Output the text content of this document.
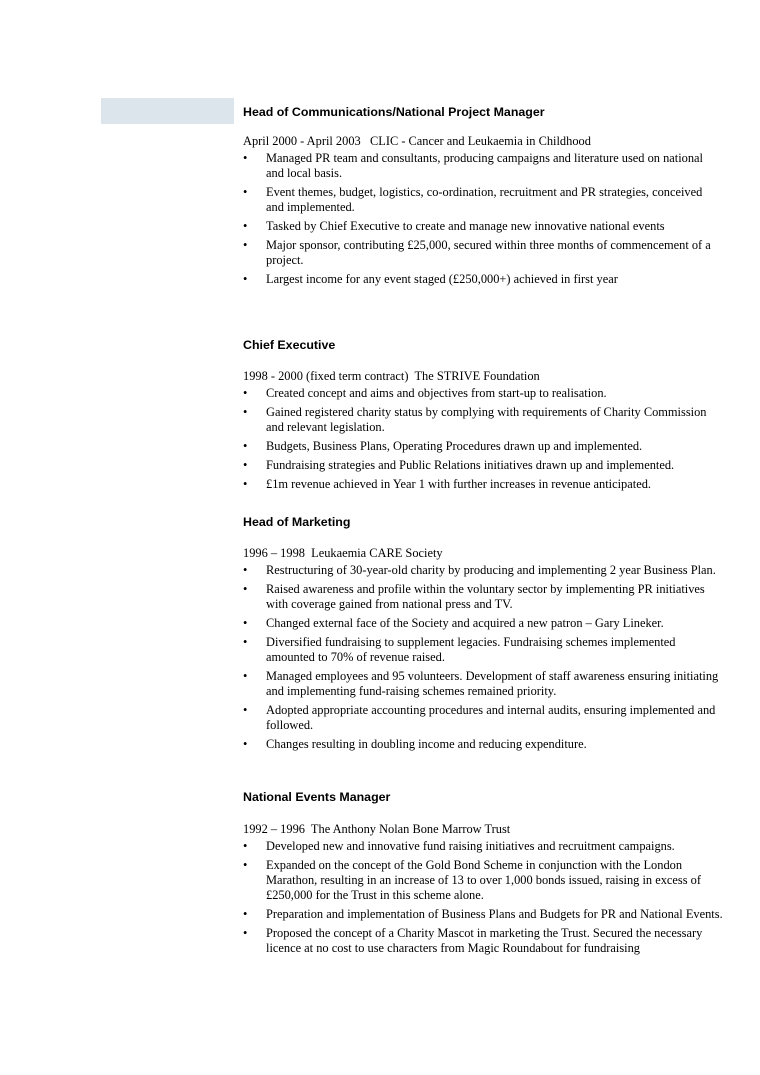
Head of Communications/National Project Manager

April 2000 - April 2003   CLIC - Cancer and Leukaemia in Childhood

•	Managed PR team and consultants, producing campaigns and literature used on national and local basis.
•	Event themes, budget, logistics, co-ordination, recruitment and PR strategies, conceived and implemented.
•	Tasked by Chief Executive to create and manage new innovative national events
•	Major sponsor, contributing £25,000, secured within three months of commencement of a project.
•	Largest income for any event staged (£250,000+) achieved in first year

Chief Executive

1998 - 2000 (fixed term contract)  The STRIVE Foundation

•	Created concept and aims and objectives from start-up to realisation.
•	Gained registered charity status by complying with requirements of Charity Commission and relevant legislation.
•	Budgets, Business Plans, Operating Procedures drawn up and implemented.
•	Fundraising strategies and Public Relations initiatives drawn up and implemented.
•	£1m revenue achieved in Year 1 with further increases in revenue anticipated.

Head of Marketing

1996 – 1998  Leukaemia CARE Society

•	Restructuring of 30-year-old charity by producing and implementing 2 year Business Plan.
•	Raised awareness and profile within the voluntary sector by implementing PR initiatives with coverage gained from national press and TV.
•	Changed external face of the Society and acquired a new patron – Gary Lineker.
•	Diversified fundraising to supplement legacies. Fundraising schemes implemented amounted to 70% of revenue raised.
•	Managed employees and 95 volunteers. Development of staff awareness ensuring initiating and implementing fund-raising schemes remained priority.
•	Adopted appropriate accounting procedures and internal audits, ensuring implemented and followed.
•	Changes resulting in doubling income and reducing expenditure.

National Events Manager

1992 – 1996  The Anthony Nolan Bone Marrow Trust

•	Developed new and innovative fund raising initiatives and recruitment campaigns.
•	Expanded on the concept of the Gold Bond Scheme in conjunction with the London Marathon, resulting in an increase of 13 to over 1,000 bonds issued, raising in excess of £250,000 for the Trust in this scheme alone.
•	Preparation and implementation of Business Plans and Budgets for PR and National Events.
•	Proposed the concept of a Charity Mascot in marketing the Trust. Secured the necessary licence at no cost to use characters from Magic Roundabout for fundraising
